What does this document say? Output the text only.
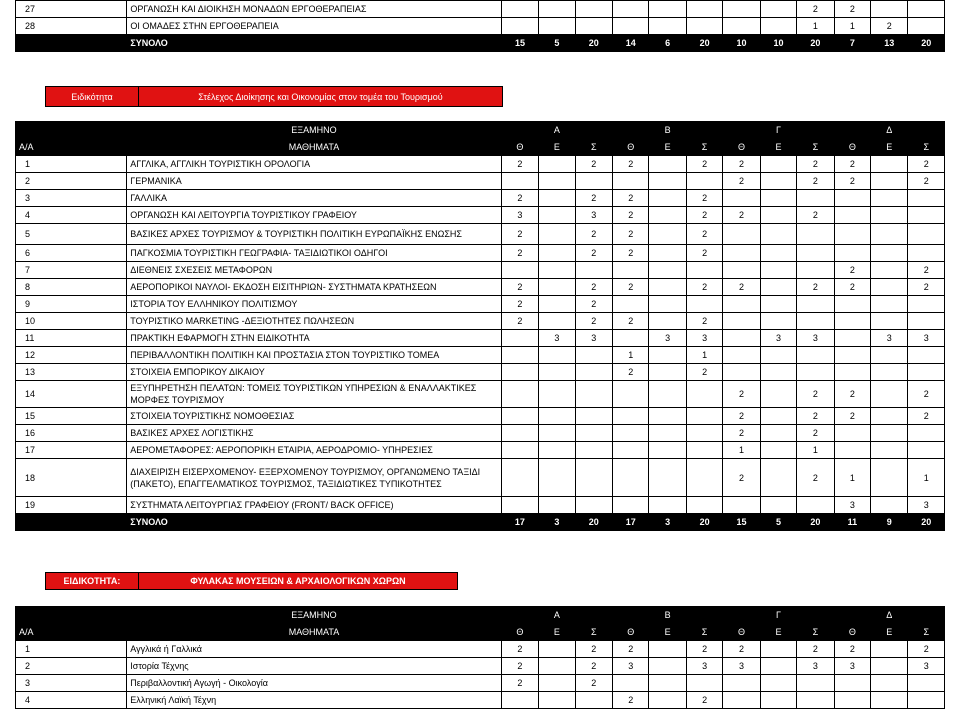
27	ΟΡΓΑΝΩΣΗ ΚΑΙ ΔΙΟΙΚΗΣΗ ΜΟΝΑΔΩΝ ΕΡΓΟΘΕΡΑΠΕΙΑΣ									2	2		
28	ΟΙ ΟΜΑΔΕΣ ΣΤΗΝ ΕΡΓΟΘΕΡΑΠΕΙΑ									1	1	2	
	ΣΥΝΟΛΟ	15	5	20	14	6	20	10	10	20	7	13	20
Ειδικότητα	Στέλεχος Διοίκησης και Οικονομίας στον τομέα του Τουρισμού
	ΕΞΑΜΗΝΟ	Α			Β			Γ			Δ		
Α/Α	ΜΑΘΗΜΑΤΑ	Θ	Ε	Σ	Θ	Ε	Σ	Θ	Ε	Σ	Θ	Ε	Σ
1	ΑΓΓΛΙΚΑ, ΑΓΓΛΙΚΗ ΤΟΥΡΙΣΤΙΚΗ ΟΡΟΛΟΓΙΑ	2		2	2		2	2		2	2		2
2	ΓΕΡΜΑΝΙΚΑ							2		2	2		2
3	ΓΑΛΛΙΚΑ	2		2	2		2						
4	ΟΡΓΑΝΩΣΗ ΚΑΙ ΛΕΙΤΟΥΡΓΙΑ ΤΟΥΡΙΣΤΙΚΟΥ ΓΡΑΦΕΙΟΥ	3		3	2		2	2		2			
5	ΒΑΣΙΚΕΣ ΑΡΧΕΣ ΤΟΥΡΙΣΜΟΥ & ΤΟΥΡΙΣΤΙΚΗ ΠΟΛΙΤΙΚΗ ΕΥΡΩΠΑΪΚΗΣ ΕΝΩΣΗΣ	2		2	2		2						
6	ΠΑΓΚΟΣΜΙΑ ΤΟΥΡΙΣΤΙΚΗ ΓΕΩΓΡΑΦΙΑ- ΤΑΞΙΔΙΩΤΙΚΟΙ ΟΔΗΓΟΙ	2		2	2		2						
7	ΔΙΕΘΝΕΙΣ ΣΧΕΣΕΙΣ ΜΕΤΑΦΟΡΩΝ										2		2
8	ΑΕΡΟΠΟΡΙΚΟΙ ΝΑΥΛΟΙ- ΕΚΔΟΣΗ ΕΙΣΙΤΗΡΙΩΝ- ΣΥΣΤΗΜΑΤΑ ΚΡΑΤΗΣΕΩΝ	2		2	2		2	2		2	2		2
9	ΙΣΤΟΡΙΑ ΤΟΥ ΕΛΛΗΝΙΚΟΥ ΠΟΛΙΤΙΣΜΟΥ	2		2									
10	ΤΟΥΡΙΣΤΙΚΟ MARKETING -ΔΕΞΙΟΤΗΤΕΣ ΠΩΛΗΣΕΩΝ	2		2	2		2						
11	ΠΡΑΚΤΙΚΗ ΕΦΑΡΜΟΓΗ ΣΤΗΝ ΕΙΔΙΚΟΤΗΤΑ		3	3		3	3		3	3		3	3
12	ΠΕΡΙΒΑΛΛΟΝΤΙΚΗ ΠΟΛΙΤΙΚΗ ΚΑΙ ΠΡΟΣΤΑΣΙΑ ΣΤΟΝ ΤΟΥΡΙΣΤΙΚΟ ΤΟΜΕΑ				1		1						
13	ΣΤΟΙΧΕΙΑ ΕΜΠΟΡΙΚΟΥ ΔΙΚΑΙΟΥ				2		2						
14	ΕΞΥΠΗΡΕΤΗΣΗ ΠΕΛΑΤΩΝ: ΤΟΜΕΙΣ ΤΟΥΡΙΣΤΙΚΩΝ ΥΠΗΡΕΣΙΩΝ & ΕΝΑΛΛΑΚΤΙΚΕΣ ΜΟΡΦΕΣ ΤΟΥΡΙΣΜΟΥ							2		2	2		2
15	ΣΤΟΙΧΕΙΑ ΤΟΥΡΙΣΤΙΚΗΣ ΝΟΜΟΘΕΣΙΑΣ							2		2	2		2
16	ΒΑΣΙΚΕΣ ΑΡΧΕΣ ΛΟΓΙΣΤΙΚΗΣ							2		2			
17	ΑΕΡΟΜΕΤΑΦΟΡΕΣ: ΑΕΡΟΠΟΡΙΚΗ ΕΤΑΙΡΙΑ, ΑΕΡΟΔΡΟΜΙΟ- ΥΠΗΡΕΣΙΕΣ							1		1			
18	ΔΙΑΧΕΙΡΙΣΗ ΕΙΣΕΡΧΟΜΕΝΟΥ- ΕΞΕΡΧΟΜΕΝΟΥ ΤΟΥΡΙΣΜΟΥ, ΟΡΓΑΝΩΜΕΝΟ ΤΑΞΙΔΙ (ΠΑΚΕΤΟ), ΕΠΑΓΓΕΛΜΑΤΙΚΟΣ ΤΟΥΡΙΣΜΟΣ, ΤΑΞΙΔΙΩΤΙΚΕΣ ΤΥΠΙΚΟΤΗΤΕΣ							2		2	1		1
19	ΣΥΣΤΗΜΑΤΑ ΛΕΙΤΟΥΡΓΙΑΣ ΓΡΑΦΕΙΟΥ (FRONT/ BACK OFFICE)										3		3
	ΣΥΝΟΛΟ	17	3	20	17	3	20	15	5	20	11	9	20
ΕΙΔΙΚΟΤΗΤΑ:	ΦΥΛΑΚΑΣ ΜΟΥΣΕΙΩΝ & ΑΡΧΑΙΟΛΟΓΙΚΩΝ ΧΩΡΩΝ
	ΕΞΑΜΗΝΟ	Α			Β			Γ			Δ		
Α/Α	ΜΑΘΗΜΑΤΑ	Θ	Ε	Σ	Θ	Ε	Σ	Θ	Ε	Σ	Θ	Ε	Σ
1	Αγγλικά ή Γαλλικά	2		2	2		2	2		2	2		2
2	Ιστορία Τέχνης	2		2	3		3	3		3	3		3
3	Περιβαλλοντική Αγωγή - Οικολογία	2		2									
4	Ελληνική Λαϊκή Τέχνη				2		2						
